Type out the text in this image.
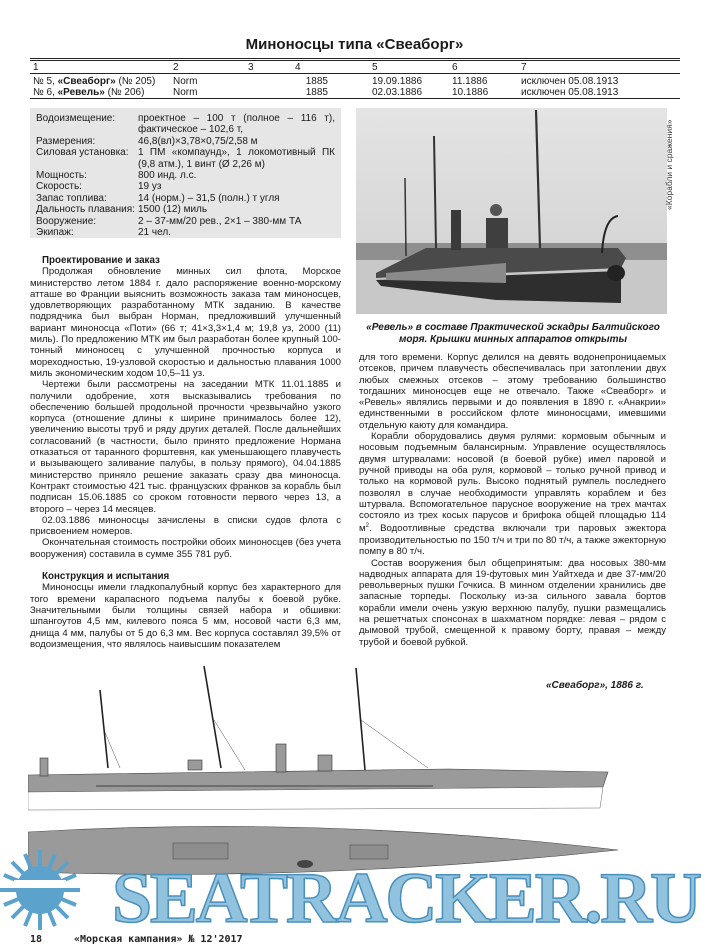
Миноносцы типа «Свеаборг»
1	2	3	4	5	6	7
№ 5, «Свеаборг» (№ 205) Norm	1885	19.09.1886	11.1886	исключен 05.08.1913
№ 6, «Ревель» (№ 206)	Norm	1885	02.03.1886	10.1886	исключен 05.08.1913
Водоизмещение:	проектное – 100 т (полное – 116 т), фактическое – 102,6 т,
Размерения:	46,8(вл)×3,78×0,75/2,58 м
Силовая установка: 1 ПМ «компаунд», 1 локомотивный ПК (9,8 атм.), 1 винт (Ø 2,26 м)
Мощность:	800 инд. л.с.
Скорость:	19 уз
Запас топлива:	14 (норм.) – 31,5 (полн.) т угля
Дальность плавания: 1500 (12) миль
Вооружение:	2 – 37-мм/20 рев., 2×1 – 380-мм ТА
Экипаж:	21 чел.
«Корабли и сражения»
«Ревель» в составе Практической эскадры Балтийского моря. Крышки минных аппаратов открыты
Проектирование и заказ

Продолжая обновление минных сил флота, Морское министерство летом 1884 г. дало распоряжение военно-морскому атташе во Франции выяснить возможность заказа там миноносцев, удовлетворяющих разработанному МТК заданию. В качестве подрядчика был выбран Норман, предложивший улучшенный вариант миноносца «Поти» (66 т; 41×3,3×1,4 м; 19,8 уз, 2000 (11) миль). По предложению МТК им был разработан более крупный 100-тонный миноносец с улучшенной прочностью корпуса и мореходностью, 19-узловой скоростью и дальностью плавания 1000 миль экономическим ходом 10,5–11 уз.

Чертежи были рассмотрены на заседании МТК 11.01.1885 и получили одобрение, хотя высказывались требования по обеспечению большей продольной прочности чрезвычайно узкого корпуса (отношение длины к ширине принималось более 12), увеличению высоты труб и ряду других деталей. После дальнейших согласований (в частности, было принято предложение Нормана отказаться от таранного форштевня, как уменьшающего плавучесть и вызывающего заливание палубы, в пользу прямого), 04.04.1885 министерство приняло решение заказать сразу два миноносца. Контракт стоимостью 421 тыс. французских франков за корабль был подписан 15.06.1885 со сроком готовности первого через 13, а второго – через 14 месяцев.

02.03.1886 миноносцы зачислены в списки судов флота с присвоением номеров.

Окончательная стоимость постройки обоих миноносцев (без учета вооружения) составила в сумме 355 781 руб.

Конструкция и испытания

Миноносцы имели гладкопалубный корпус без характерного для того времени карапасного подъема палубы к боевой рубке. Значительными были толщины связей набора и обшивки: шпангоутов 4,5 мм, килевого пояса 5 мм, носовой части 6,3 мм, днища 4 мм, палубы от 5 до 6,3 мм. Вес корпуса составлял 39,5% от водоизмещения, что являлось наивысшим показателем

для того времени. Корпус делился на девять водонепроницаемых отсеков, причем плавучесть обеспечивалась при затоплении двух любых смежных отсеков – этому требованию большинство тогдашних миноносцев еще не отвечало. Также «Свеаборг» и «Ревель» являлись первыми и до появления в 1890 г. «Анакрии» единственными в российском флоте миноносцами, имевшими отдельную каюту для командира.

Корабли оборудовались двумя рулями: кормовым обычным и носовым подъемным балансирным. Управление осуществлялось двумя штурвалами: носовой (в боевой рубке) имел паровой и ручной приводы на оба руля, кормовой – только ручной привод и только на кормовой руль. Высоко поднятый румпель последнего позволял в случае необходимости управлять кораблем и без штурвала. Вспомогательное парусное вооружение на трех мачтах состояло из трех косых парусов и брифока общей площадью 114 $м^2$. Водоотливные средства включали три паровых эжектора производительностью по 150 т/ч и три по 80 т/ч, а также эжекторную помпу в 80 т/ч.

Состав вооружения был общепринятым: два носовых 380-мм надводных аппарата для 19-футовых мин Уайтхеда и две 37-мм/20 револьверных пушки Гочкиса. В минном отделении хранились две запасные торпеды. Поскольку из-за сильного завала бортов корабли имели очень узкую верхнюю палубу, пушки размещались на решетчатых спонсонах в шахматном порядке: левая – рядом с дымовой трубой, смещенной к правому борту, правая – между трубой и боевой рубкой.

«Свеаборг», 1886 г.
SEATRACKER.RU
18	«Морская кампания» № 12'2017
